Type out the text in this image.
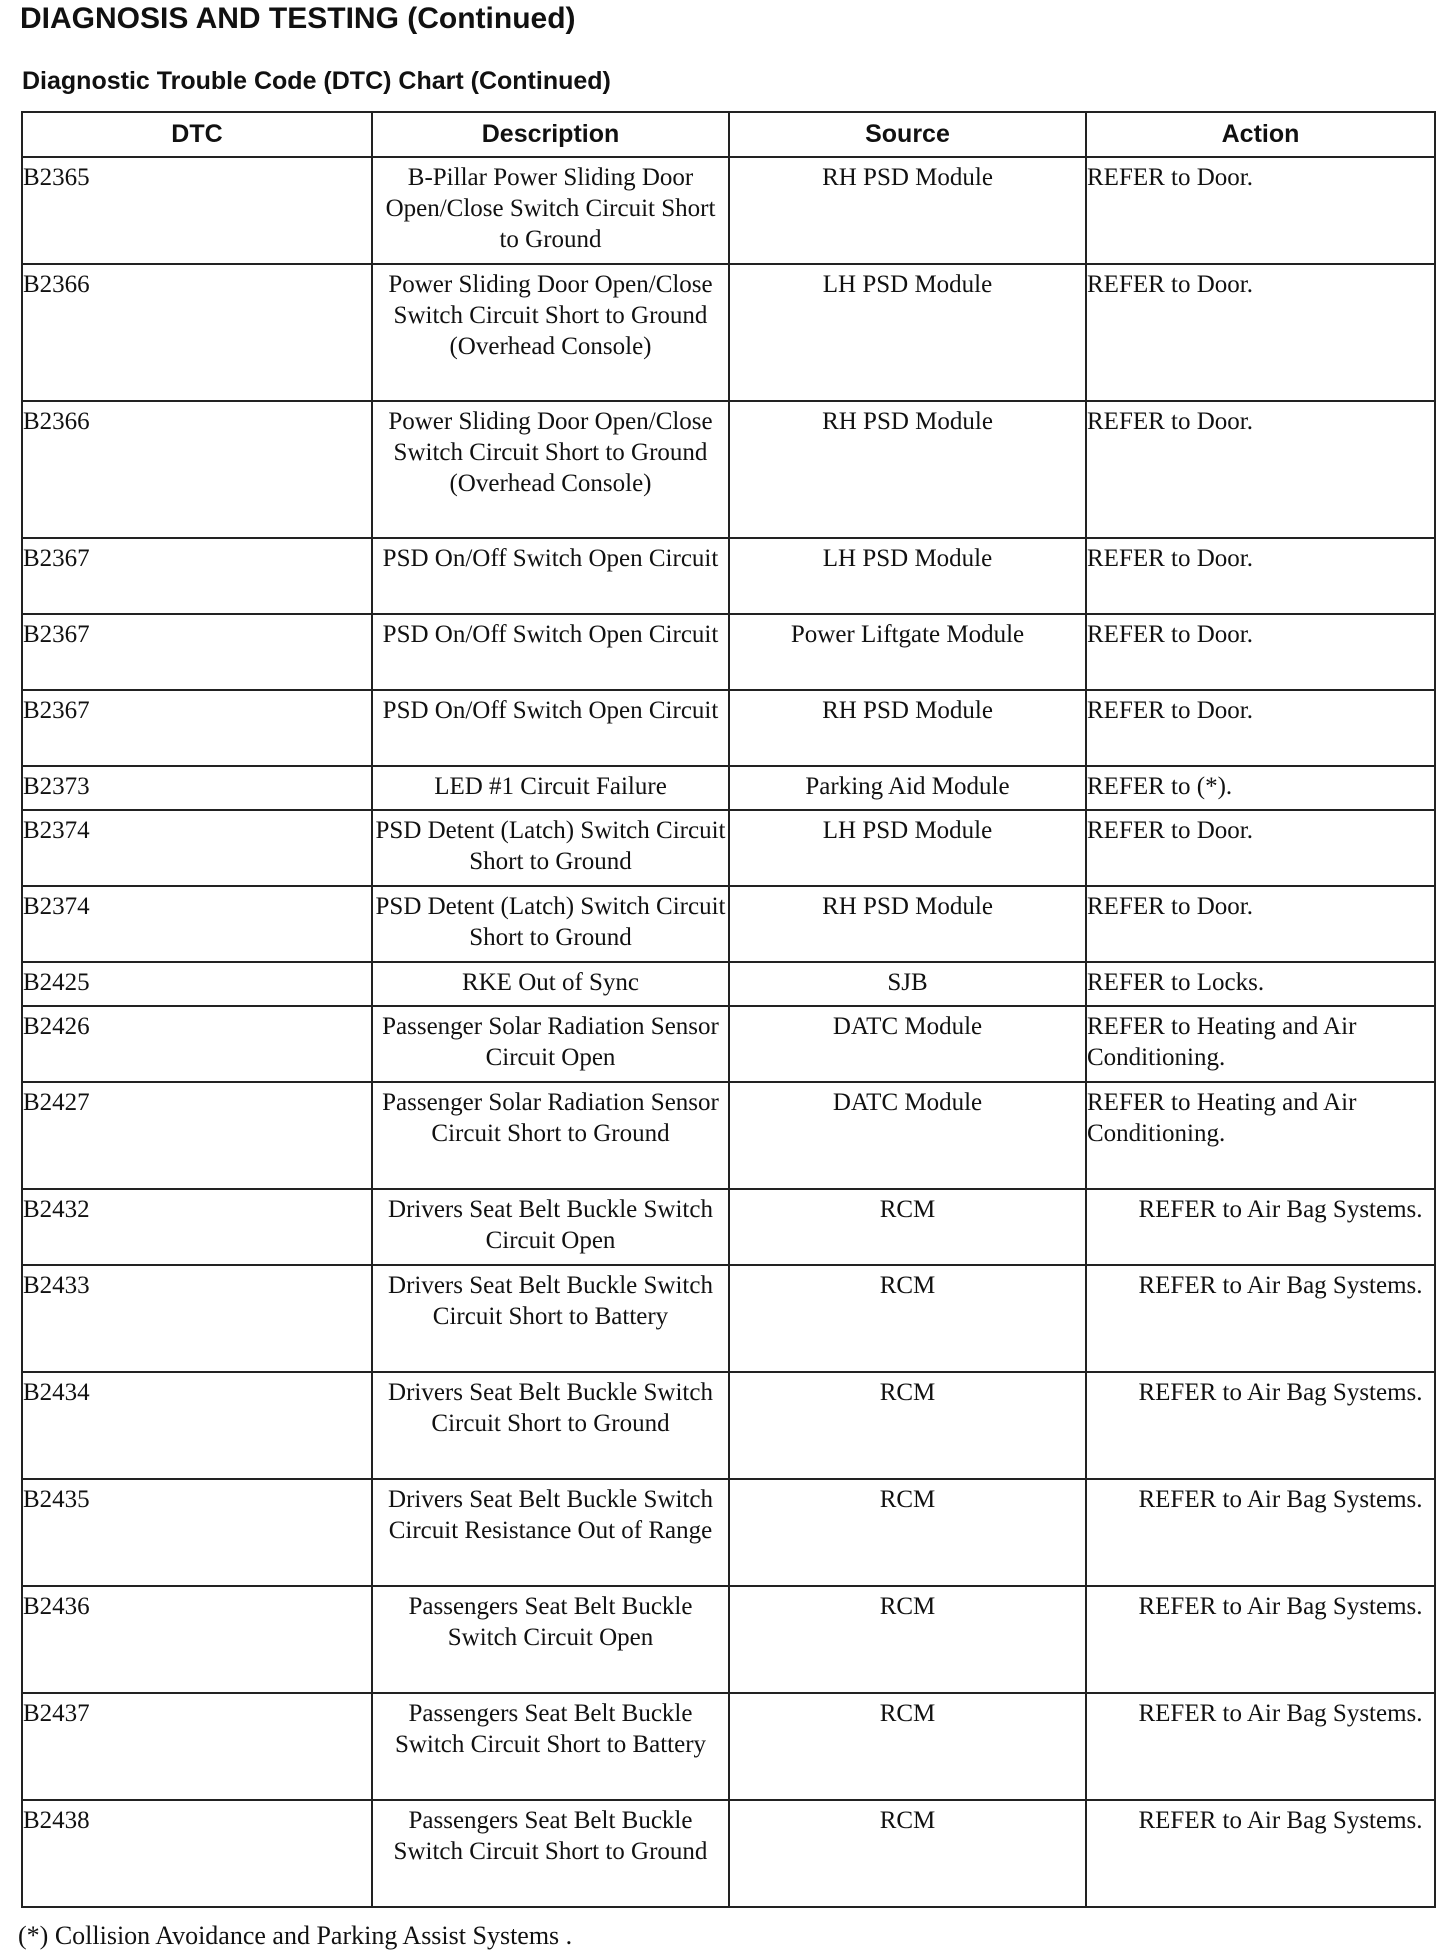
DIAGNOSIS AND TESTING (Continued)
Diagnostic Trouble Code (DTC) Chart (Continued)
DTC	Description	Source	Action
B2365	B-Pillar Power Sliding Door Open/Close Switch Circuit Short to Ground	RH PSD Module	REFER to Door.
B2366	Power Sliding Door Open/Close Switch Circuit Short to Ground (Overhead Console)	LH PSD Module	REFER to Door.
B2366	Power Sliding Door Open/Close Switch Circuit Short to Ground (Overhead Console)	RH PSD Module	REFER to Door.
B2367	PSD On/Off Switch Open Circuit	LH PSD Module	REFER to Door.
B2367	PSD On/Off Switch Open Circuit	Power Liftgate Module	REFER to Door.
B2367	PSD On/Off Switch Open Circuit	RH PSD Module	REFER to Door.
B2373	LED #1 Circuit Failure	Parking Aid Module	REFER to (*).
B2374	PSD Detent (Latch) Switch Circuit Short to Ground	LH PSD Module	REFER to Door.
B2374	PSD Detent (Latch) Switch Circuit Short to Ground	RH PSD Module	REFER to Door.
B2425	RKE Out of Sync	SJB	REFER to Locks.
B2426	Passenger Solar Radiation Sensor Circuit Open	DATC Module	REFER to Heating and Air Conditioning.
B2427	Passenger Solar Radiation Sensor Circuit Short to Ground	DATC Module	REFER to Heating and Air Conditioning.
B2432	Drivers Seat Belt Buckle Switch Circuit Open	RCM	REFER to Air Bag Systems.
B2433	Drivers Seat Belt Buckle Switch Circuit Short to Battery	RCM	REFER to Air Bag Systems.
B2434	Drivers Seat Belt Buckle Switch Circuit Short to Ground	RCM	REFER to Air Bag Systems.
B2435	Drivers Seat Belt Buckle Switch Circuit Resistance Out of Range	RCM	REFER to Air Bag Systems.
B2436	Passengers Seat Belt Buckle Switch Circuit Open	RCM	REFER to Air Bag Systems.
B2437	Passengers Seat Belt Buckle Switch Circuit Short to Battery	RCM	REFER to Air Bag Systems.
B2438	Passengers Seat Belt Buckle Switch Circuit Short to Ground	RCM	REFER to Air Bag Systems.

(*) Collision Avoidance and Parking Assist Systems .
